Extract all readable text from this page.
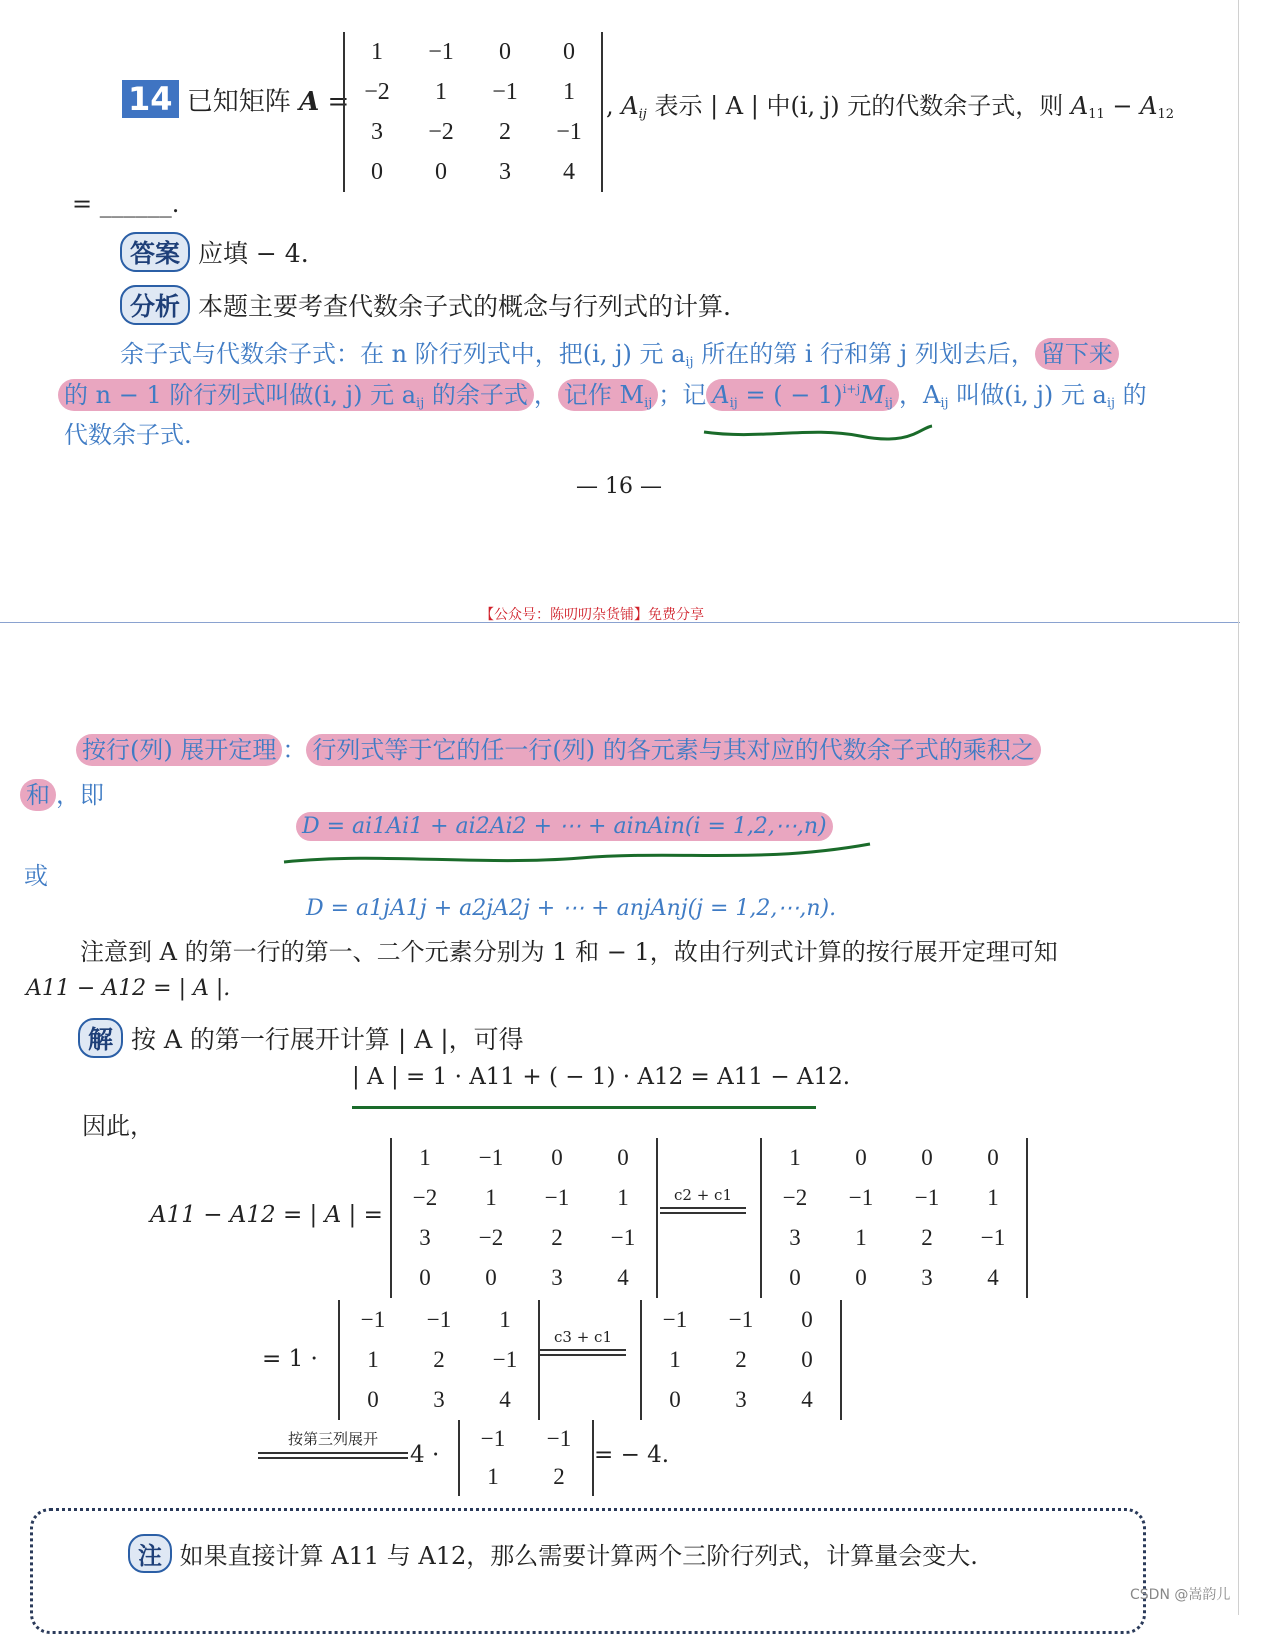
14 已知矩阵 A =
1	−1	0	0
−2	1	−1	1
3	−2	2	−1
0	0	3	4
, $A_{ij}$ 表示 | A | 中(i, j) 元的代数余子式，则 $A_{11} - A_{12}$
= ______.
答案 应填 − 4.
分析 本题主要考查代数余子式的概念与行列式的计算.
余子式与代数余子式：在 n 阶行列式中，把(i, j) 元 $a_{ij}$ 所在的第 i 行和第 j 列划去后， 留下来
的 n − 1 阶行列式叫做(i, j) 元 $a_{ij}$ 的余子式 ， 记作 $M_{ij}$ ；记 $A_{ij}$ = ( − $1)^{i+j}M_{ij}$ ，$A_{ij}$ 叫做(i, j) 元 $a_{ij}$ 的
代数余子式.
— 16 —
【公众号：陈叨叨杂货铺】免费分享
按行(列) 展开定理 ： 行列式等于它的任一行(列) 的各元素与其对应的代数余子式的乘积之
和 ，即
D = ai1Ai1 + ai2Ai2 + ⋯ + ainAin(i = 1,2,⋯,n)
或
D = a1jA1j + a2jA2j + ⋯ + anjAnj(j = 1,2,⋯,n).
注意到 A 的第一行的第一、二个元素分别为 1 和 − 1，故由行列式计算的按行展开定理可知
A11 − A12 = | A |.
解 按 A 的第一行展开计算 | A |，可得
| A | = 1 · A11 + ( − 1) · A12 = A11 − A12.
因此，
A11 − A12 = | A | =
1	−1	0	0
−2	1	−1	1
3	−2	2	−1
0	0	3	4
c2 + c1
1	0	0	0
−2	−1	−1	1
3	1	2	−1
0	0	3	4
= 1 ·
−1	−1	1
1	2	−1
0	3	4
c3 + c1
−1	−1	0
1	2	0
0	3	4
按第三列展开
4 ·
−1	−1
1	2
= − 4.
注 如果直接计算 A11 与 A12，那么需要计算两个三阶行列式，计算量会变大.
CSDN @嵩韵儿
